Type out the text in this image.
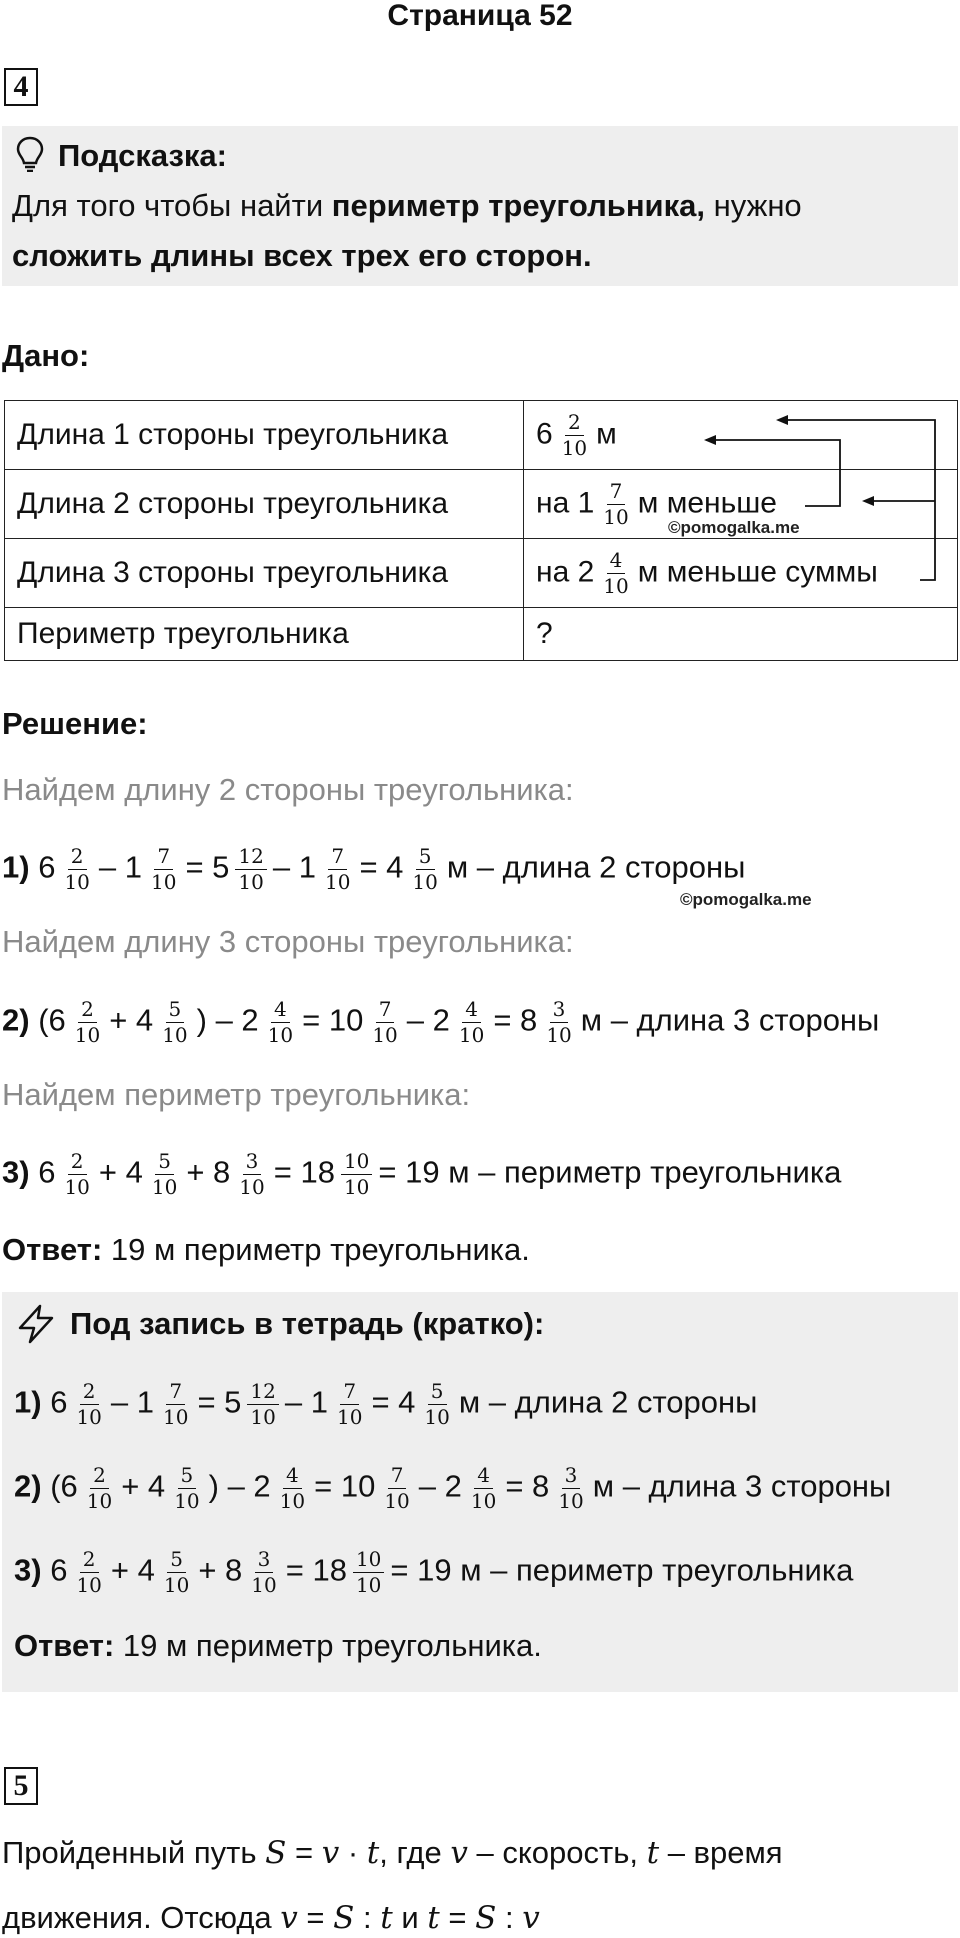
Страница 52
4
Подсказка:
Для того чтобы найти периметр треугольника, нужно
сложить длины всех трех его сторон.
Дано:
Длина 1 стороны треугольника	$6 \frac{2}{10}$ м
Длина 2 стороны треугольника	на $1 \frac{7}{10}$ м меньше
Длина 3 стороны треугольника	на $2 \frac{4}{10}$ м меньше суммы
Периметр треугольника	?
©pomogalka.me
Решение:
Найдем длину 2 стороны треугольника:
1) $6 \frac{2}{10} - 1 \frac{7}{10} = 5 \frac{12}{10} - 1 \frac{7}{10} = 4 \frac{5}{10}$ м – длина 2 стороны
©pomogalka.me
Найдем длину 3 стороны треугольника:
2) ($6 \frac{2}{10} + 4 \frac{5}{10}$ ) – $2 \frac{4}{10} = 10 \frac{7}{10} - 2 \frac{4}{10} = 8 \frac{3}{10}$ м – длина 3 стороны
Найдем периметр треугольника:
3) $6 \frac{2}{10} + 4 \frac{5}{10} + 8 \frac{3}{10} = 18 \frac{10}{10} = 19$ м – периметр треугольника
Ответ: 19 м периметр треугольника.
Под запись в тетрадь (кратко):
1) $6 \frac{2}{10} - 1 \frac{7}{10} = 5 \frac{12}{10} - 1 \frac{7}{10} = 4 \frac{5}{10}$ м – длина 2 стороны
2) ($6 \frac{2}{10} + 4 \frac{5}{10}$ ) – $2 \frac{4}{10} = 10 \frac{7}{10} - 2 \frac{4}{10} = 8 \frac{3}{10}$ м – длина 3 стороны
3) $6 \frac{2}{10} + 4 \frac{5}{10} + 8 \frac{3}{10} = 18 \frac{10}{10} = 19$ м – периметр треугольника
Ответ: 19 м периметр треугольника.
5
Пройденный путь S = v · t, где v – скорость, t – время
движения. Отсюда v = S : t и t = S : v
